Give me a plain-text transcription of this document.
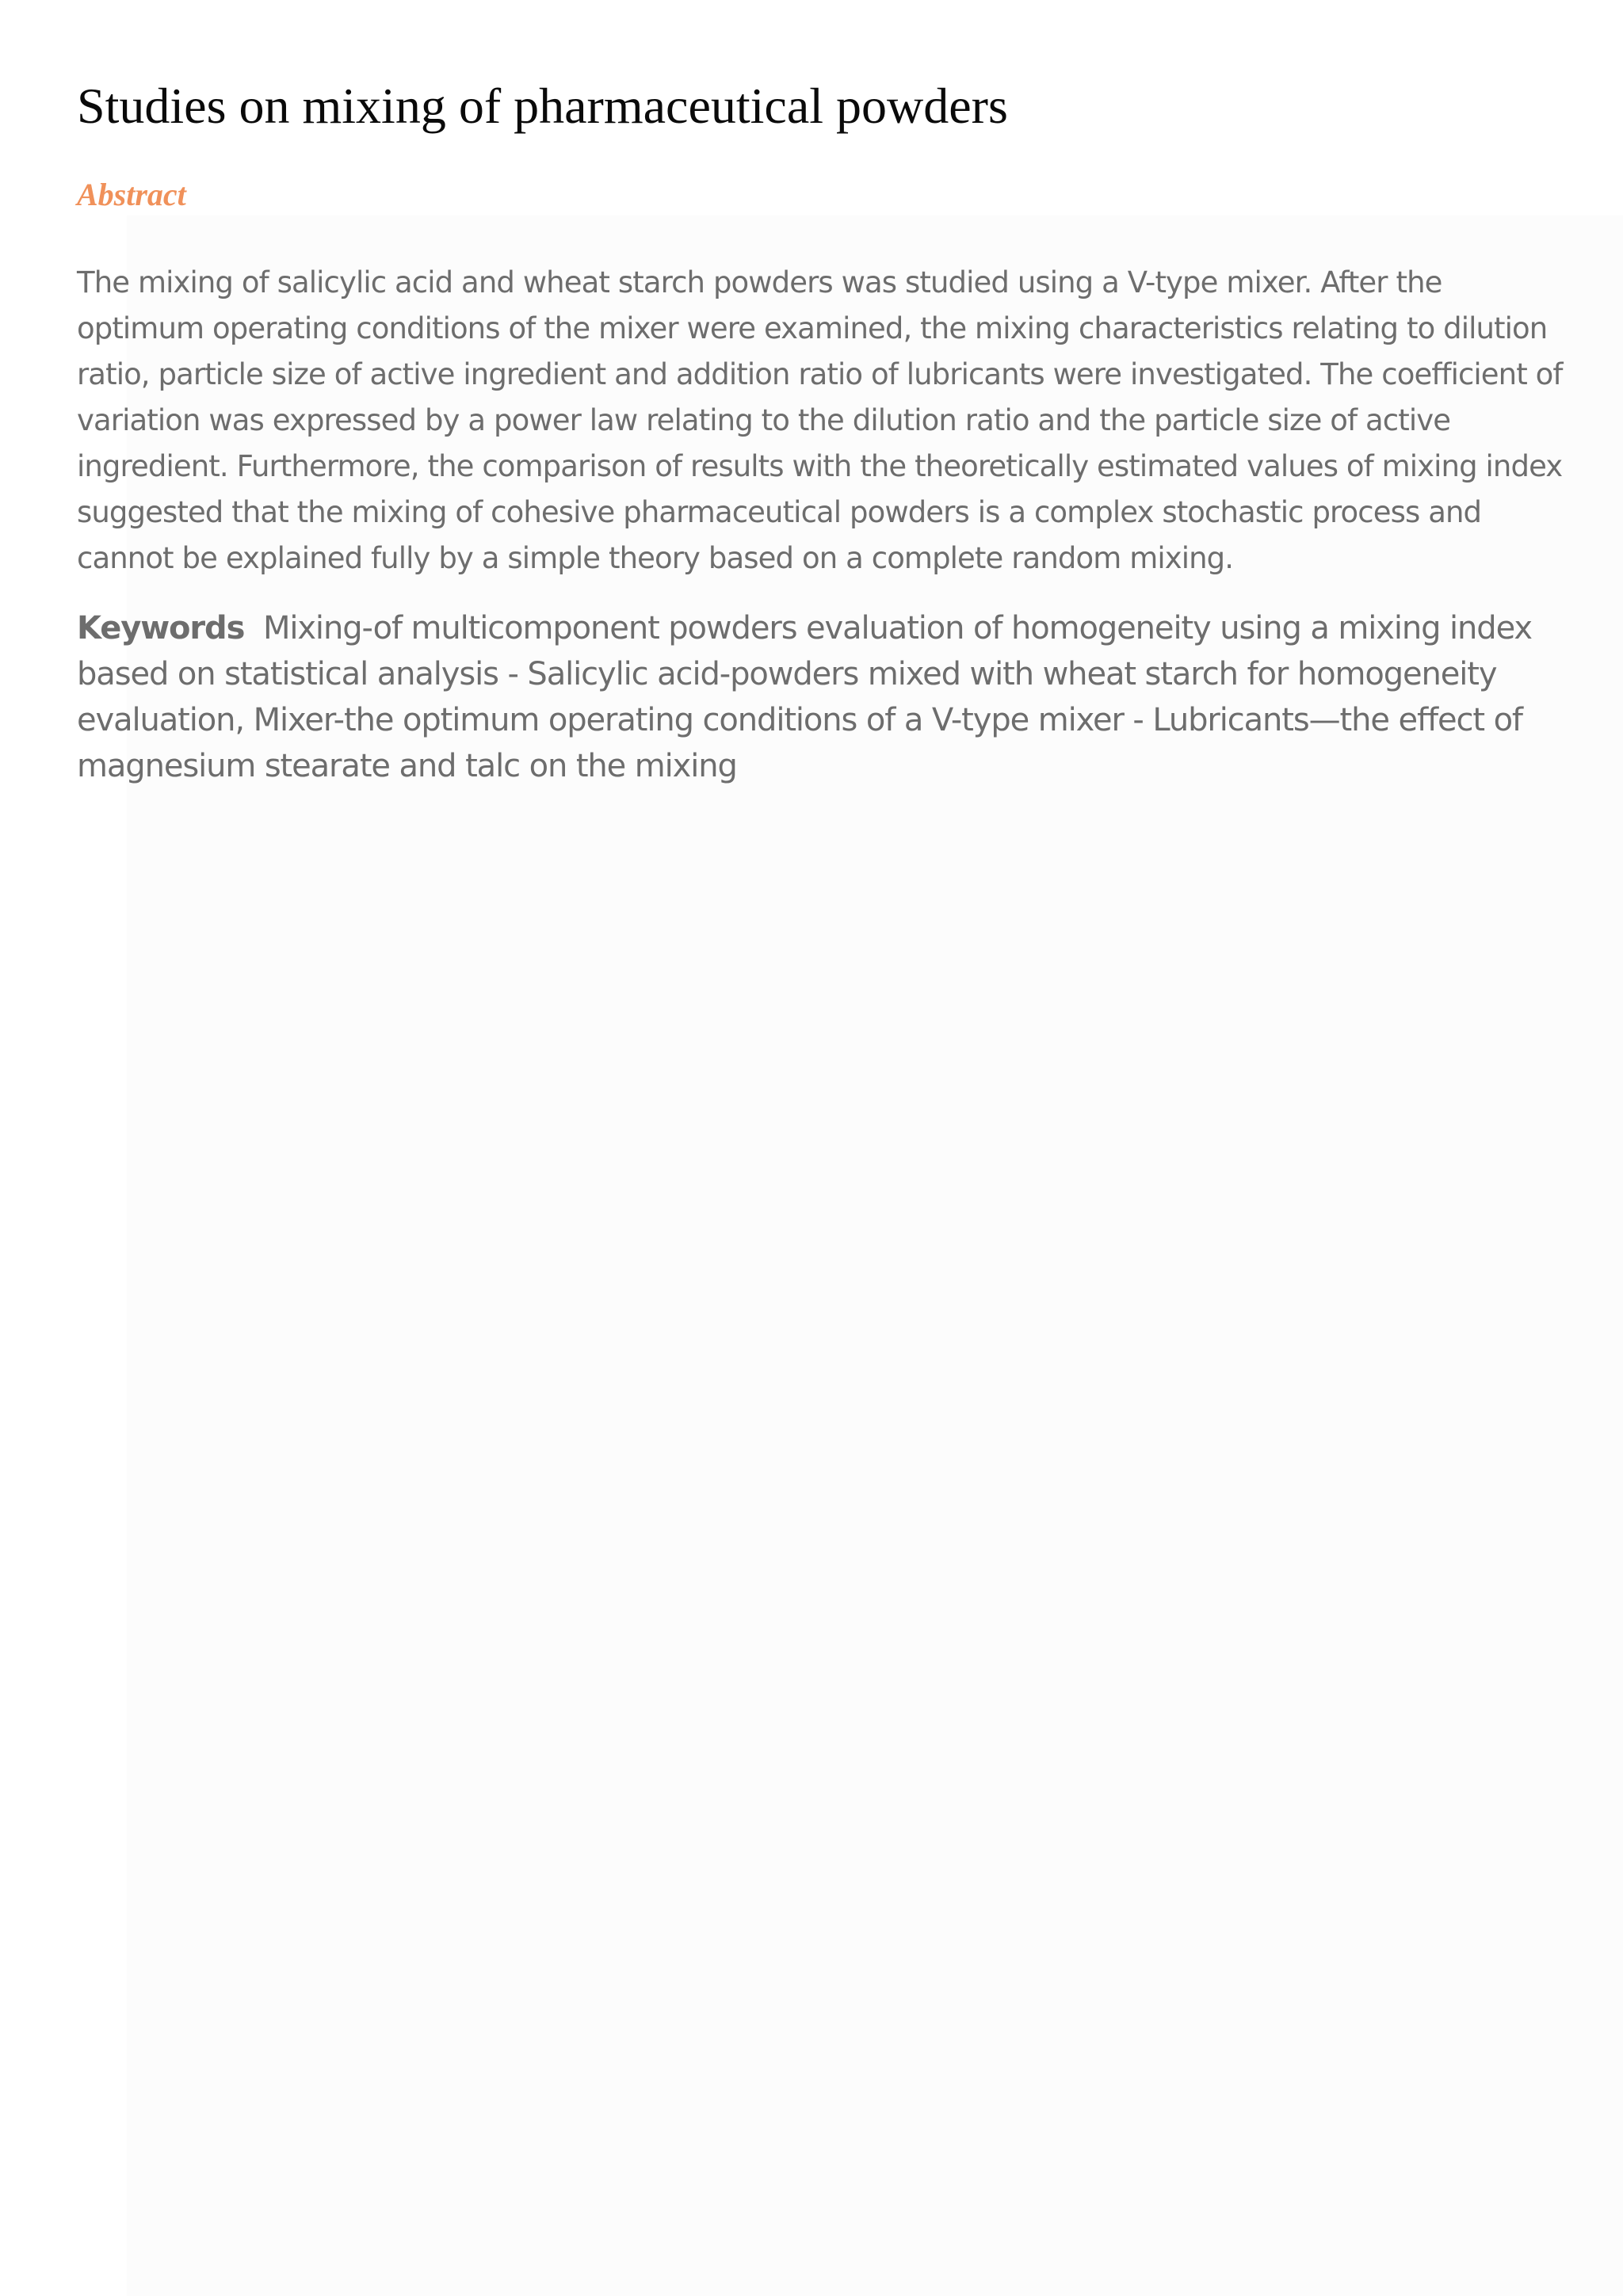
Studies on mixing of pharmaceutical powders
Abstract

The mixing of salicylic acid and wheat starch powders was studied using a V-type mixer. After the optimum operating conditions of the mixer were examined, the mixing characteristics relating to dilution ratio, particle size of active ingredient and addition ratio of lubricants were investigated. The coefficient of variation was expressed by a power law relating to the dilution ratio and the particle size of active ingredient. Furthermore, the comparison of results with the theoretically estimated values of mixing index suggested that the mixing of cohesive pharmaceutical powders is a complex stochastic process and cannot be explained fully by a simple theory based on a complete random mixing.

Keywords Mixing-of multicomponent powders evaluation of homogeneity using a mixing index based on statistical analysis - Salicylic acid-powders mixed with wheat starch for homogeneity evaluation, Mixer-the optimum operating conditions of a V-type mixer - Lubricants—the effect of magnesium stearate and talc on the mixing
